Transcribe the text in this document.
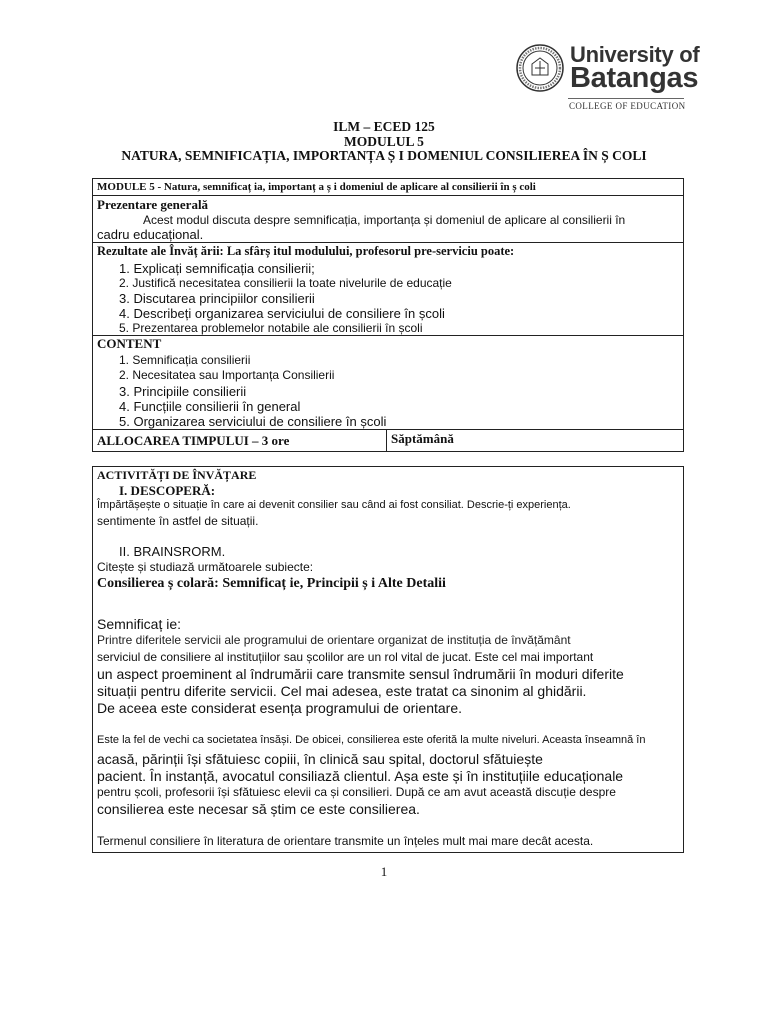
University of
Batangas
COLLEGE OF EDUCATION
ILM – ECED 125
MODULUL 5
NATURA, SEMNIFICAȚIA, IMPORTANȚA Ș I DOMENIUL CONSILIEREA ÎN Ș COLI
MODULE 5 - Natura, semnificaț ia, importanț a ș i domeniul de aplicare al consilierii în ș coli
Prezentare generală
Acest modul discuta despre semnificația, importanța și domeniul de aplicare al consilierii în
cadru educațional.
Rezultate ale Învăț ării: La sfârș itul modulului, profesorul pre-serviciu poate:
1. Explicați semnificația consilierii;
2. Justifică necesitatea consilierii la toate nivelurile de educație
3. Discutarea principiilor consilierii
4. Describeți organizarea serviciului de consiliere în școli
5. Prezentarea problemelor notabile ale consilierii în școli
CONTENT
1. Semnificația consilierii
2. Necesitatea sau Importanța Consilierii
3. Principiile consilierii
4. Funcțiile consilierii în general
5. Organizarea serviciului de consiliere în școli
ALLOCAREA TIMPULUI – 3 ore	Săptămână
ACTIVITĂȚI DE ÎNVĂȚARE
I. DESCOPERĂ:
Împărtășește o situație în care ai devenit consilier sau când ai fost consiliat. Descrie-ți experiența.
sentimente în astfel de situații.
II. BRAINSRORM.
Citește și studiază următoarele subiecte:
Consilierea ș colară: Semnificaț ie, Principii ș i Alte Detalii
Semnificaț ie:
Printre diferitele servicii ale programului de orientare organizat de instituția de învățământ
serviciul de consiliere al instituțiilor sau școlilor are un rol vital de jucat. Este cel mai important
un aspect proeminent al îndrumării care transmite sensul îndrumării în moduri diferite
situații pentru diferite servicii. Cel mai adesea, este tratat ca sinonim al ghidării.
De aceea este considerat esența programului de orientare.
Este la fel de vechi ca societatea însăși. De obicei, consilierea este oferită la multe niveluri. Aceasta înseamnă în
acasă, părinții își sfătuiesc copiii, în clinică sau spital, doctorul sfătuiește
pacient. În instanță, avocatul consiliază clientul. Așa este și în instituțiile educaționale
pentru școli, profesorii își sfătuiesc elevii ca și consilieri. După ce am avut această discuție despre
consilierea este necesar să știm ce este consilierea.
Termenul consiliere în literatura de orientare transmite un înțeles mult mai mare decât acesta.
1
